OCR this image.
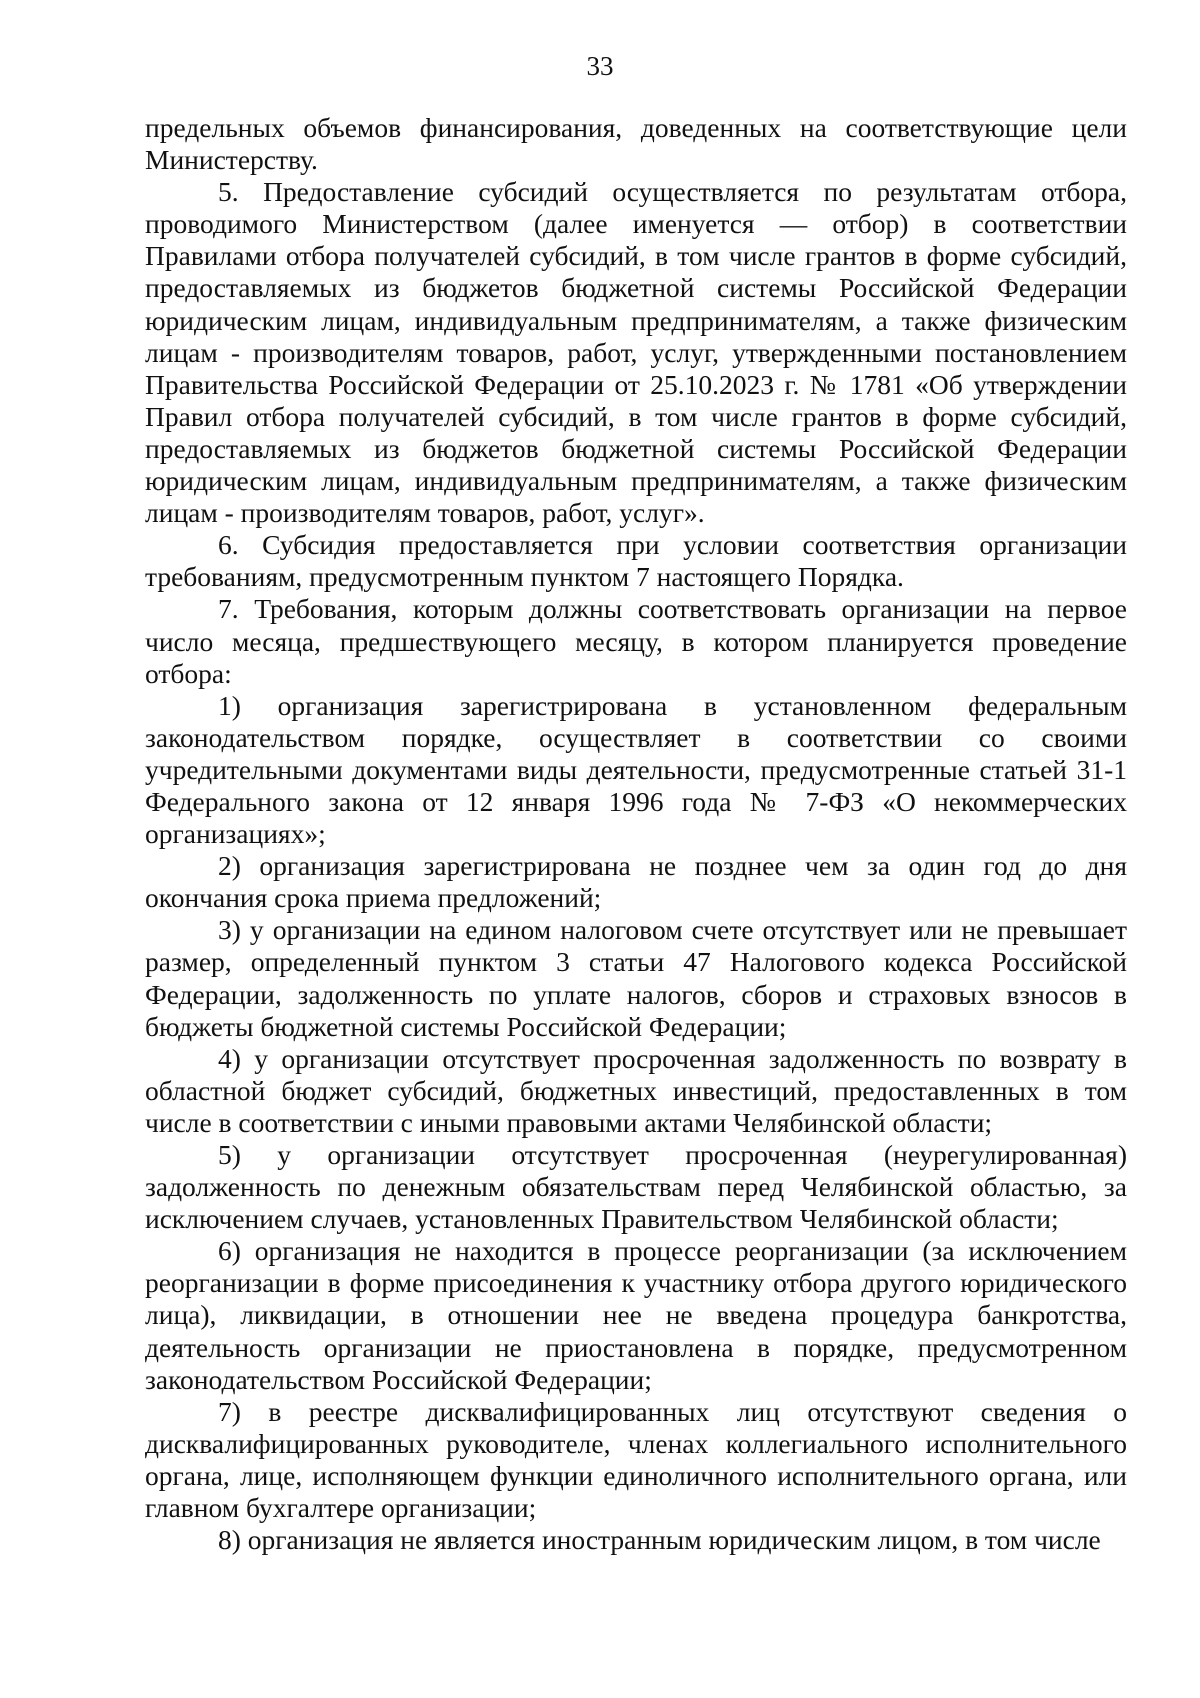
33

предельных объемов финансирования, доведенных на соответствующие цели Министерству.

5. Предоставление субсидий осуществляется по результатам отбора, проводимого Министерством (далее именуется — отбор) в соответствии Правилами отбора получателей субсидий, в том числе грантов в форме субсидий, предоставляемых из бюджетов бюджетной системы Российской Федерации юридическим лицам, индивидуальным предпринимателям, а также физическим лицам - производителям товаров, работ, услуг, утвержденными постановлением Правительства Российской Федерации от 25.10.2023 г. № 1781 «Об утверждении Правил отбора получателей субсидий, в том числе грантов в форме субсидий, предоставляемых из бюджетов бюджетной системы Российской Федерации юридическим лицам, индивидуальным предпринимателям, а также физическим лицам - производителям товаров, работ, услуг».

6. Субсидия предоставляется при условии соответствия организации требованиям, предусмотренным пунктом 7 настоящего Порядка.

7. Требования, которым должны соответствовать организации на первое число месяца, предшествующего месяцу, в котором планируется проведение отбора:

1) организация зарегистрирована в установленном федеральным законодательством порядке, осуществляет в соответствии со своими учредительными документами виды деятельности, предусмотренные статьей 31-1 Федерального закона от 12 января 1996 года № 7-ФЗ «О некоммерческих организациях»;

2) организация зарегистрирована не позднее чем за один год до дня окончания срока приема предложений;

3) у организации на едином налоговом счете отсутствует или не превышает размер, определенный пунктом 3 статьи 47 Налогового кодекса Российской Федерации, задолженность по уплате налогов, сборов и страховых взносов в бюджеты бюджетной системы Российской Федерации;

4) у организации отсутствует просроченная задолженность по возврату в областной бюджет субсидий, бюджетных инвестиций, предоставленных в том числе в соответствии с иными правовыми актами Челябинской области;

5) у организации отсутствует просроченная (неурегулированная) задолженность по денежным обязательствам перед Челябинской областью, за исключением случаев, установленных Правительством Челябинской области;

6) организация не находится в процессе реорганизации (за исключением реорганизации в форме присоединения к участнику отбора другого юридического лица), ликвидации, в отношении нее не введена процедура банкротства, деятельность организации не приостановлена в порядке, предусмотренном законодательством Российской Федерации;

7) в реестре дисквалифицированных лиц отсутствуют сведения о дисквалифицированных руководителе, членах коллегиального исполнительного органа, лице, исполняющем функции единоличного исполнительного органа, или главном бухгалтере организации;

8) организация не является иностранным юридическим лицом, в том числе
